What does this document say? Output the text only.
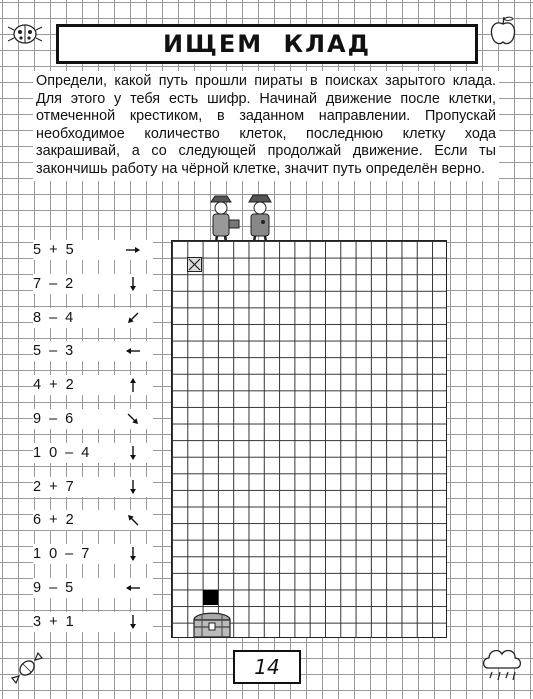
ИЩЕМ КЛАД
Определи, какой путь прошли пираты в поисках зарытого клада. Для этого у тебя есть шифр. Начинай движение после клетки, отмеченной крестиком, в заданном направлении. Пропускай необходимое количество клеток, последнюю клетку хода закрашивай, а со следующей продолжай движение. Если ты закончишь работу на чёрной клетке, значит путь определён верно.
5 + 5
7 – 2
8 – 4
5 – 3
4 + 2
9 – 6
1 0 – 4
2 + 7
6 + 2
1 0 – 7
9 – 5
3 + 1
14
